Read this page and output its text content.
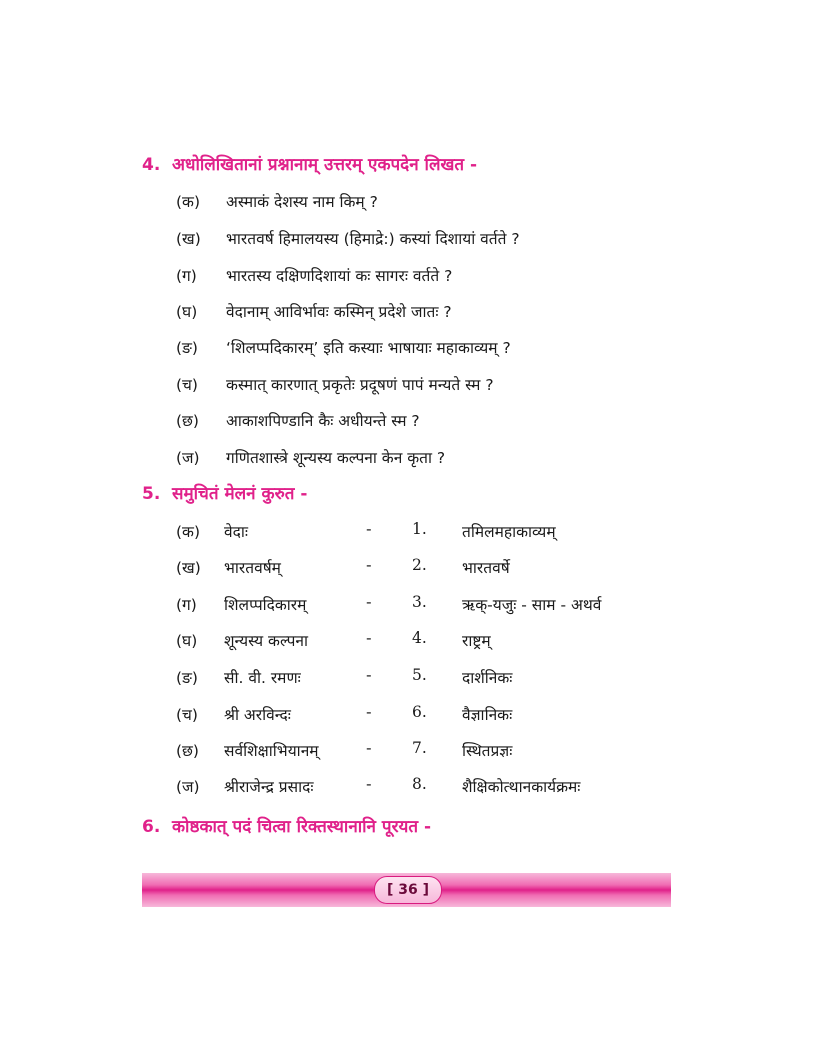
4. अधोलिखितानां प्रश्नानाम् उत्तरम् एकपदेन लिखत -
(क) अस्माकं देशस्य नाम किम् ?
(ख) भारतवर्ष हिमालयस्य (हिमाद्रे:) कस्यां दिशायां वर्तते ?
(ग) भारतस्य दक्षिणदिशायां कः सागरः वर्तते ?
(घ) वेदानाम् आविर्भावः कस्मिन् प्रदेशे जातः ?
(ङ) ‘शिलप्पदिकारम्’ इति कस्याः भाषायाः महाकाव्यम् ?
(च) कस्मात् कारणात् प्रकृतेः प्रदूषणं पापं मन्यते स्म ?
(छ) आकाशपिण्डानि कैः अधीयन्ते स्म ?
(ज) गणितशास्त्रे शून्यस्य कल्पना केन कृता ?
5. समुचितं मेलनं कुरुत -
(क) वेदाः	-	1. तमिलमहाकाव्यम्
(ख) भारतवर्षम्	-	2. भारतवर्षे
(ग) शिलप्पदिकारम्	-	3. ऋक्-यजुः - साम - अथर्व
(घ) शून्यस्य कल्पना	-	4. राष्ट्रम्
(ङ) सी. वी. रमणः	-	5. दार्शनिकः
(च) श्री अरविन्दः	-	6. वैज्ञानिकः
(छ) सर्वशिक्षाभियानम्	-	7. स्थितप्रज्ञः
(ज) श्रीराजेन्द्र प्रसादः	-	8. शैक्षिकोत्थानकार्यक्रमः
6. कोष्ठकात् पदं चित्वा रिक्तस्थानानि पूरयत -
[ 36 ]
